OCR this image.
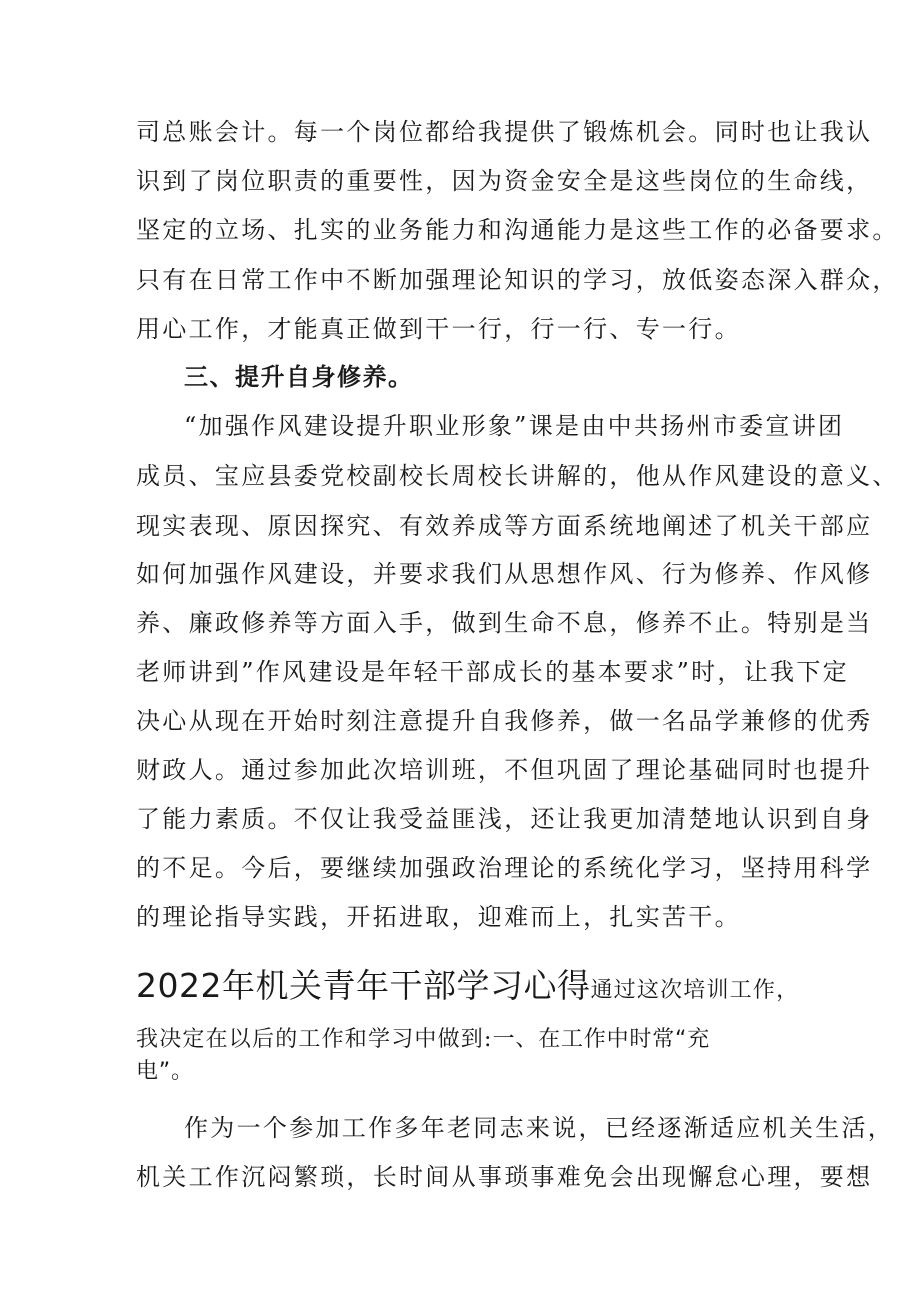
司总账会计。每一个岗位都给我提供了锻炼机会。同时也让我认
识到了岗位职责的重要性，因为资金安全是这些岗位的生命线，
坚定的立场、扎实的业务能力和沟通能力是这些工作的必备要求。
只有在日常工作中不断加强理论知识的学习，放低姿态深入群众，
用心工作，才能真正做到干一行，行一行、专一行。
三、提升自身修养。
“加强作风建设提升职业形象”课是由中共扬州市委宣讲团
成员、宝应县委党校副校长周校长讲解的，他从作风建设的意义、
现实表现、原因探究、有效养成等方面系统地阐述了机关干部应
如何加强作风建设，并要求我们从思想作风、行为修养、作风修
养、廉政修养等方面入手，做到生命不息，修养不止。特别是当
老师讲到”作风建设是年轻干部成长的基本要求”时，让我下定
决心从现在开始时刻注意提升自我修养，做一名品学兼修的优秀
财政人。通过参加此次培训班，不但巩固了理论基础同时也提升
了能力素质。不仅让我受益匪浅，还让我更加清楚地认识到自身
的不足。今后，要继续加强政治理论的系统化学习，坚持用科学
的理论指导实践，开拓进取，迎难而上，扎实苦干。
2022年机关青年干部学习心得通过这次培训工作，
我决定在以后的工作和学习中做到:一、在工作中时常“充
电”。
作为一个参加工作多年老同志来说，已经逐渐适应机关生活，
机关工作沉闷繁琐，长时间从事琐事难免会出现懈怠心理，要想
